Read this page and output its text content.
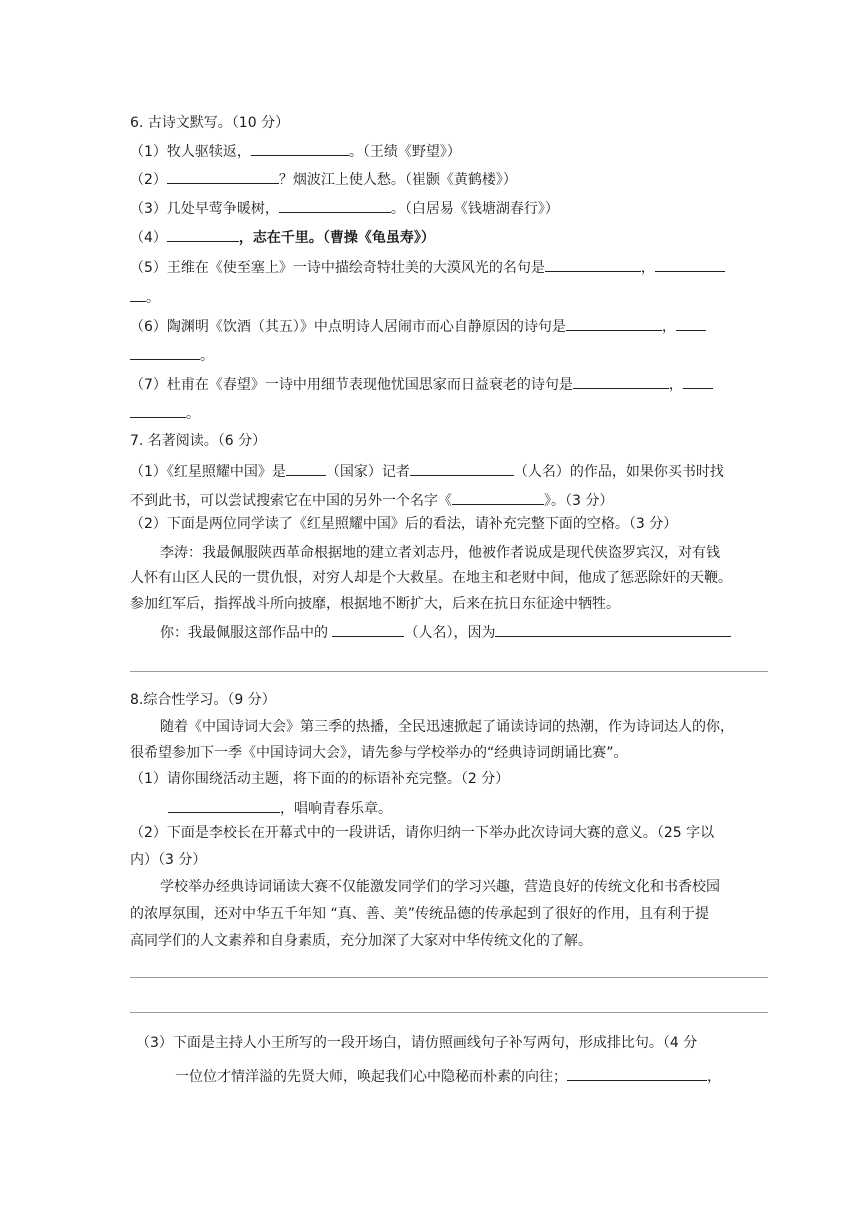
6. 古诗文默写。（10 分）
（1）牧人驱犊返，	。（王绩《野望》）
（2）	？烟波江上使人愁。（崔颢《黄鹤楼》）
（3）几处早莺争暖树，	。（白居易《钱塘湖春行》）
（4）	，志在千里。（曹操《龟虽寿》）
（5）王维在《使至塞上》一诗中描绘奇特壮美的大漠风光的名句是	，
。
（6）陶渊明《饮酒（其五）》中点明诗人居闹市而心自静原因的诗句是	，
。
（7）杜甫在《春望》一诗中用细节表现他忧国思家而日益衰老的诗句是	，
。
7. 名著阅读。（6 分）
（1）《红星照耀中国》是	（国家）记者	（人名）的作品，如果你买书时找
不到此书，可以尝试搜索它在中国的另外一个名字《	》。（3 分）
（2）下面是两位同学读了《红星照耀中国》后的看法，请补充完整下面的空格。（3 分）
李涛：我最佩服陕西革命根据地的建立者刘志丹，他被作者说成是现代侠盗罗宾汉，对有钱
人怀有山区人民的一贯仇恨，对穷人却是个大救星。在地主和老财中间，他成了惩恶除奸的天鞭。
参加红军后，指挥战斗所向披靡，根据地不断扩大，后来在抗日东征途中牺牲。
你：我最佩服这部作品中的	（人名），因为
8.综合性学习。（9 分）
随着《中国诗词大会》第三季的热播，全民迅速掀起了诵读诗词的热潮，作为诗词达人的你，
很希望参加下一季《中国诗词大会》，请先参与学校举办的“经典诗词朗诵比赛”。
（1）请你围绕活动主题，将下面的的标语补充完整。（2 分）
，唱响青春乐章。
（2）下面是李校长在开幕式中的一段讲话，请你归纳一下举办此次诗词大赛的意义。（25 字以
内）（3 分）
学校举办经典诗词诵读大赛不仅能激发同学们的学习兴趣，营造良好的传统文化和书香校园
的浓厚氛围，还对中华五千年知 “真、善、美”传统品德的传承起到了很好的作用，且有利于提
高同学们的人文素养和自身素质，充分加深了大家对中华传统文化的了解。
（3）下面是主持人小王所写的一段开场白，请仿照画线句子补写两句，形成排比句。（4 分
一位位才情洋溢的先贤大师，唤起我们心中隐秘而朴素的向往；	，
